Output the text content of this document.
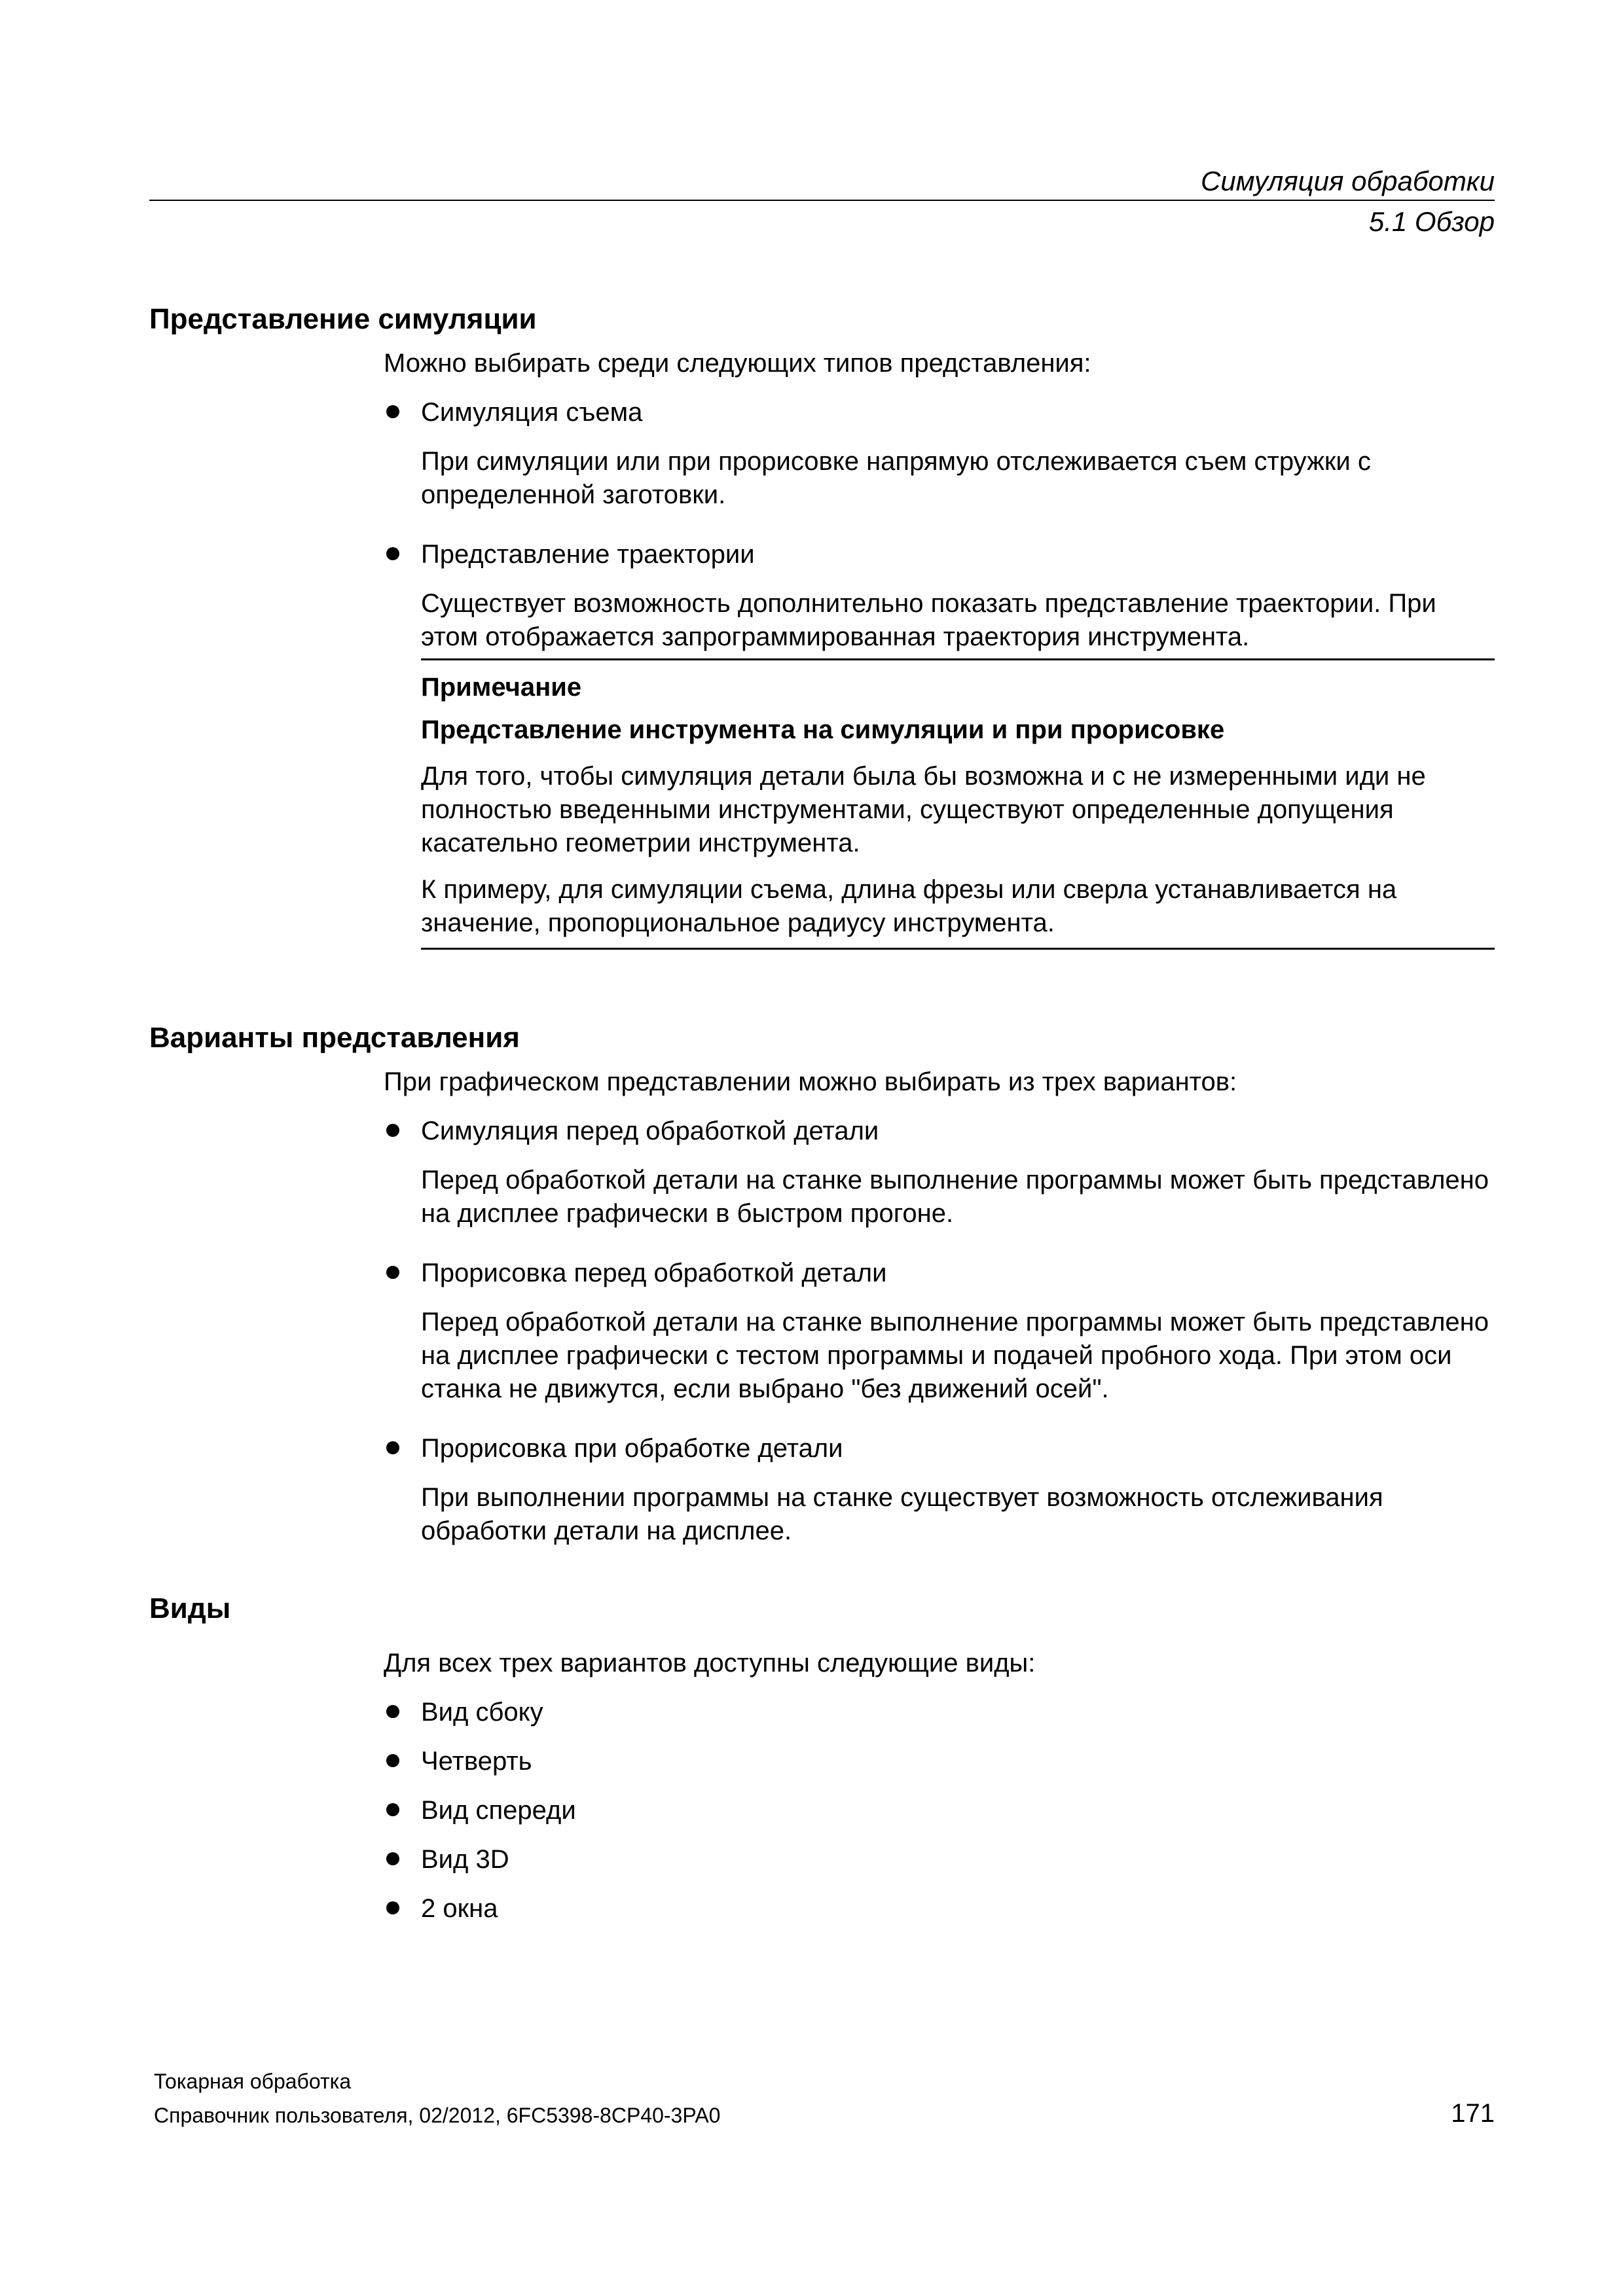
Симуляция обработки
5.1 Обзор
Представление симуляции

Можно выбирать среди следующих типов представления:

Симуляция съема

При симуляции или при прорисовке напрямую отслеживается съем стружки с определенной заготовки.

Представление траектории

Существует возможность дополнительно показать представление траектории. При этом отображается запрограммированная траектория инструмента.

Примечание

Представление инструмента на симуляции и при прорисовке

Для того, чтобы симуляция детали была бы возможна и с не измеренными иди не полностью введенными инструментами, существуют определенные допущения касательно геометрии инструмента.

К примеру, для симуляции съема, длина фрезы или сверла устанавливается на значение, пропорциональное радиусу инструмента.

Варианты представления

При графическом представлении можно выбирать из трех вариантов:

Симуляция перед обработкой детали

Перед обработкой детали на станке выполнение программы может быть представлено на дисплее графически в быстром прогоне.

Прорисовка перед обработкой детали

Перед обработкой детали на станке выполнение программы может быть представлено на дисплее графически с тестом программы и подачей пробного хода. При этом оси станка не движутся, если выбрано "без движений осей".

Прорисовка при обработке детали

При выполнении программы на станке существует возможность отслеживания обработки детали на дисплее.

Виды

Для всех трех вариантов доступны следующие виды:

Вид сбоку
Четверть
Вид спереди
Вид 3D
2 окна
Токарная обработка
Справочник пользователя, 02/2012, 6FC5398-8CP40-3PA0	171
